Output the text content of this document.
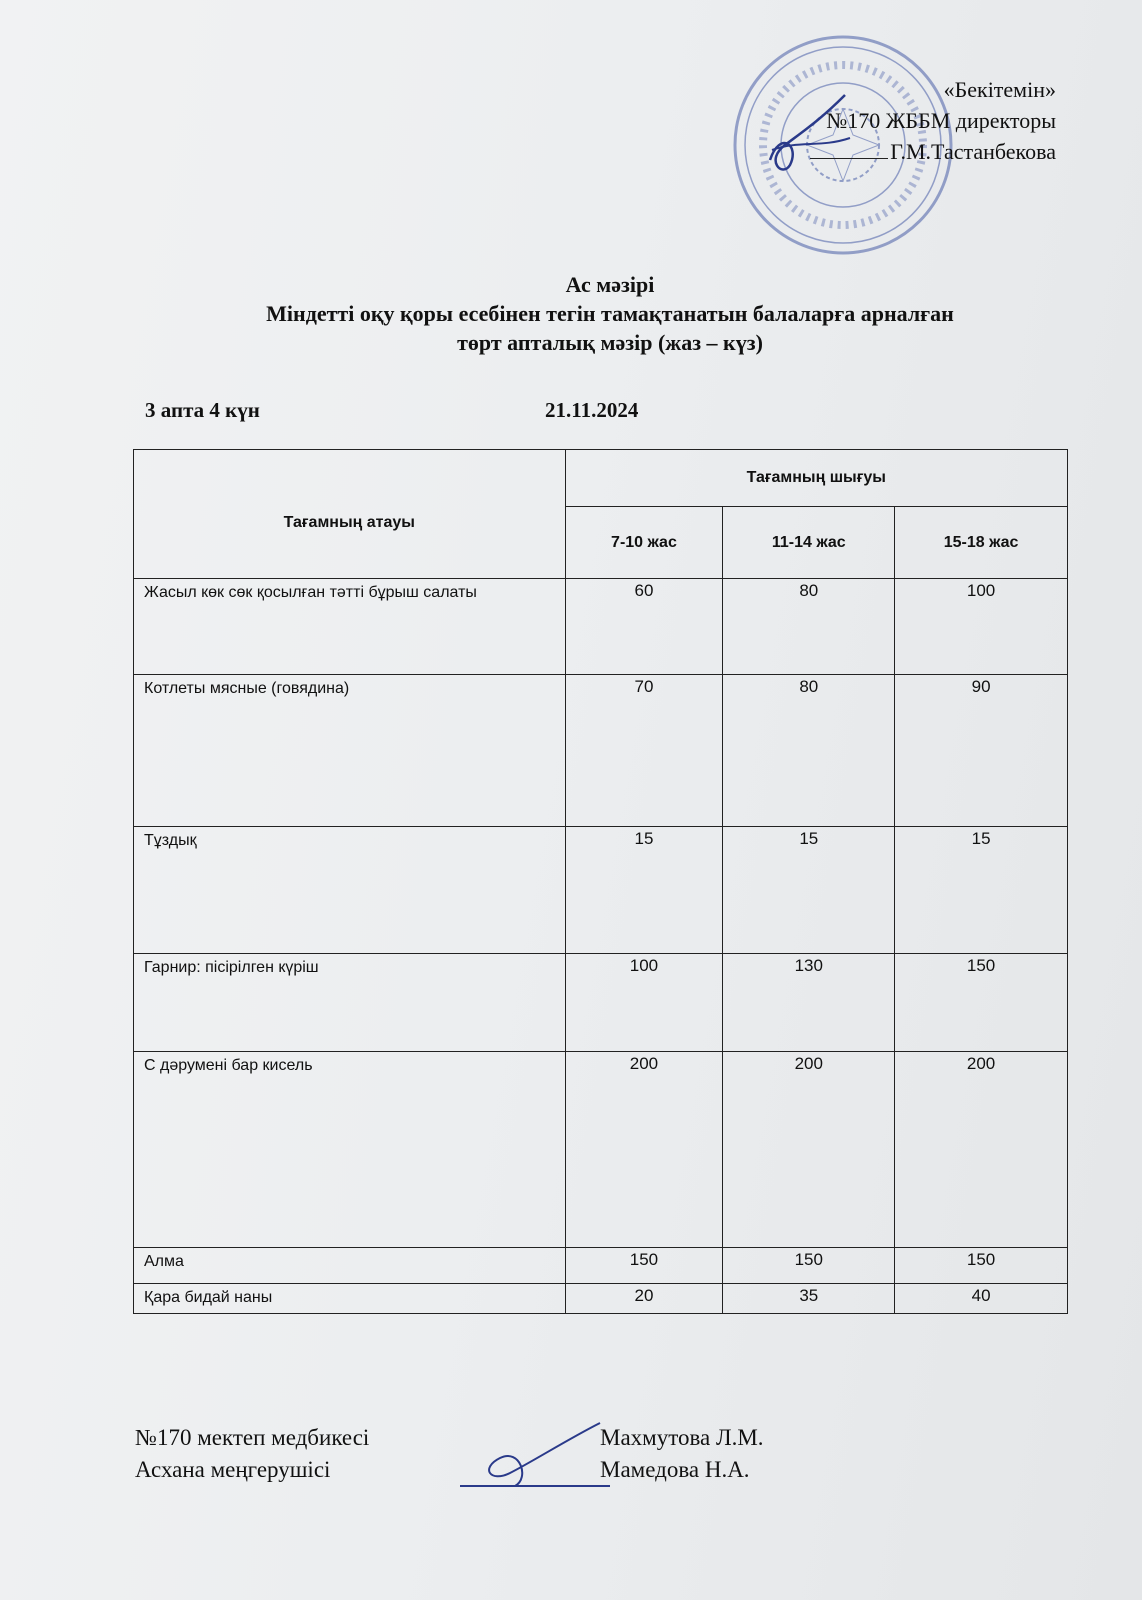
«Бекітемін»
№170 ЖББМ директоры
Г.М.Тастанбекова
Ас мәзірі
Міндетті оқу қоры есебінен тегін тамақтанатын балаларға арналған
төрт апталық мәзір (жаз – күз)
3 апта 4 күн	21.11.2024
Тағамның атауы	Тағамның шығуы		
	7-10 жас	11-14 жас	15-18 жас
Жасыл көк сөк қосылған тәтті бұрыш салаты	60	80	100
Котлеты мясные (говядина)	70	80	90
Тұздық	15	15	15
Гарнир: пісірілген күріш	100	130	150
С дәрумені бар кисель	200	200	200
Алма	150	150	150
Қара бидай наны	20	35	40
№170 мектеп медбикесі
Асхана меңгерушісі
Махмутова Л.М.
Мамедова Н.А.
